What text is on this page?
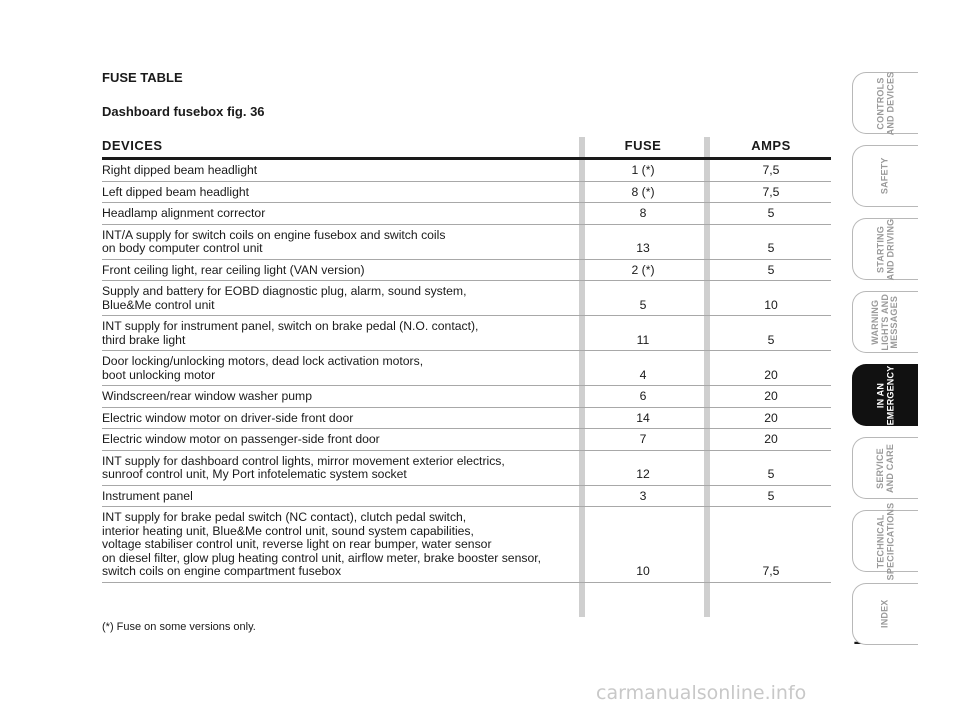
FUSE TABLE
Dashboard fusebox fig. 36
DEVICES	FUSE	AMPS
Right dipped beam headlight	1 (*)	7,5
Left dipped beam headlight	8 (*)	7,5
Headlamp alignment corrector	8	5
INT/A supply for switch coils on engine fusebox and switch coils
on body computer control unit	13	5
Front ceiling light, rear ceiling light (VAN version)	2 (*)	5
Supply and battery for EOBD diagnostic plug, alarm, sound system,
Blue&Me control unit	5	10
INT supply for instrument panel, switch on brake pedal (N.O. contact),
third brake light	11	5
Door locking/unlocking motors, dead lock activation motors,
boot unlocking motor	4	20
Windscreen/rear window washer pump	6	20
Electric window motor on driver-side front door	14	20
Electric window motor on passenger-side front door	7	20
INT supply for dashboard control lights, mirror movement exterior electrics,
sunroof control unit, My Port infotelematic system socket	12	5
Instrument panel	3	5
INT supply for brake pedal switch (NC contact), clutch pedal switch,
interior heating unit, Blue&Me control unit, sound system capabilities,
voltage stabiliser control unit, reverse light on rear bumper, water sensor
on diesel filter, glow plug heating control unit, airflow meter, brake booster sensor,
switch coils on engine compartment fusebox	10	7,5
(*) Fuse on some versions only.
CONTROLS
AND DEVICES
SAFETY
STARTING
AND DRIVING
WARNING
LIGHTS AND
MESSAGES
IN AN
EMERGENCY
SERVICE
AND CARE
TECHNICAL
SPECIFICATIONS
INDEX
carmanualsonline.info
